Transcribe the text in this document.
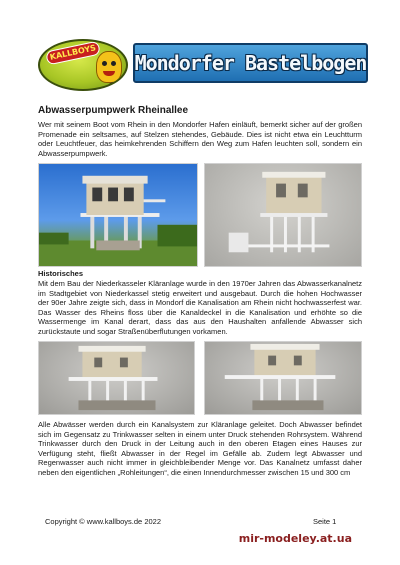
KALLBOYS Mondorfer Bastelbogen
Abwasserpumpwerk Rheinallee

Wer mit seinem Boot vom Rhein in den Mondorfer Hafen einläuft, bemerkt sicher auf der großen Promenade ein seltsames, auf Stelzen stehendes, Gebäude. Dies ist nicht etwa ein Leuchtturm oder Leuchtfeuer, das heimkehrenden Schiffern den Weg zum Hafen leuchten soll, sondern ein Abwasserpumpwerk.

Historisches

Mit dem Bau der Niederkasseler Kläranlage wurde in den 1970er Jahren das Abwasserkanalnetz im Stadtgebiet von Niederkassel stetig erweitert und ausgebaut. Durch die hohen Hochwasser der 90er Jahre zeigte sich, dass in Mondorf die Kanalisation am Rhein nicht hochwasserfest war. Das Wasser des Rheins floss über die Kanaldeckel in die Kanalisation und erhöhte so die Wassermenge im Kanal derart, dass das aus den Haushalten anfallende Abwasser sich zurückstaute und sogar Straßenüberflutungen vorkamen.

Alle Abwässer werden durch ein Kanalsystem zur Kläranlage geleitet. Doch Abwasser befindet sich im Gegensatz zu Trinkwasser selten in einem unter Druck stehenden Rohrsystem. Während Trinkwasser durch den Druck in der Leitung auch in den oberen Etagen eines Hauses zur Verfügung steht, fließt Abwasser in der Regel im Gefälle ab. Zudem legt Abwasser und Regenwasser auch nicht immer in gleichbleibender Menge vor. Das Kanalnetz umfasst daher neben den eigentlichen „Rohleitungen“, die einen Innendurchmesser zwischen 15 und 300 cm

Copyright © www.kallboys.de 2022	Seite 1
mir-modeley.at.ua
